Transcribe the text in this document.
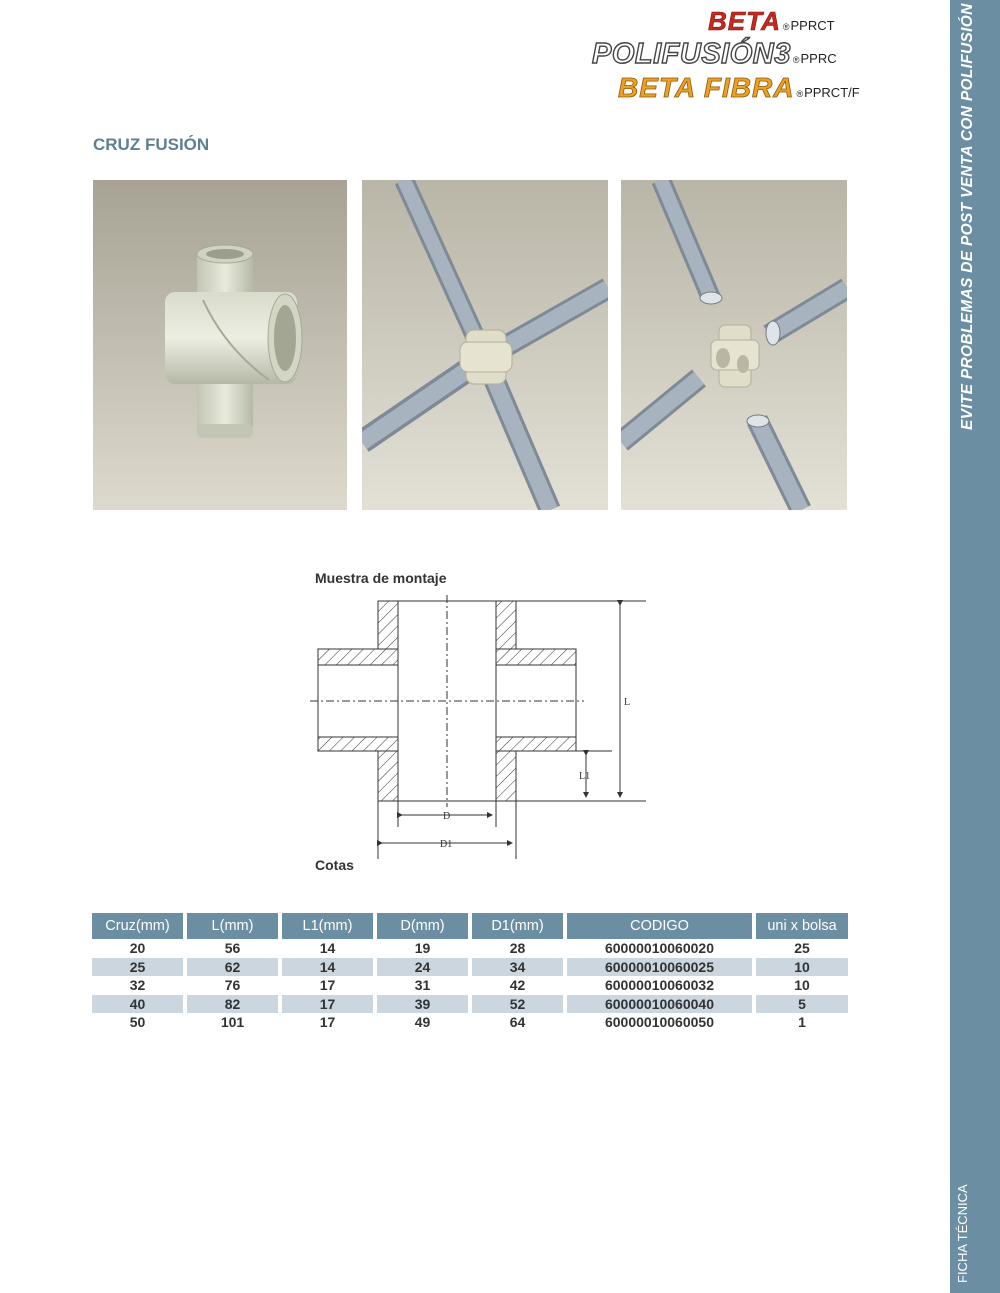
EVITE PROBLEMAS DE POST VENTA CON POLIFUSIÓN
FICHA TÉCNICA
BETA ®PPRCT
POLIFUSIÓN3 ®PPRC
BETA FIBRA ®PPRCT/F
CRUZ FUSIÓN
Muestra de montaje
L
L1
D
D1
Cotas
Cruz(mm)	L(mm)	L1(mm)	D(mm)	D1(mm)	CODIGO	uni x bolsa
20	56	14	19	28	60000010060020	25
25	62	14	24	34	60000010060025	10
32	76	17	31	42	60000010060032	10
40	82	17	39	52	60000010060040	5
50	101	17	49	64	60000010060050	1
